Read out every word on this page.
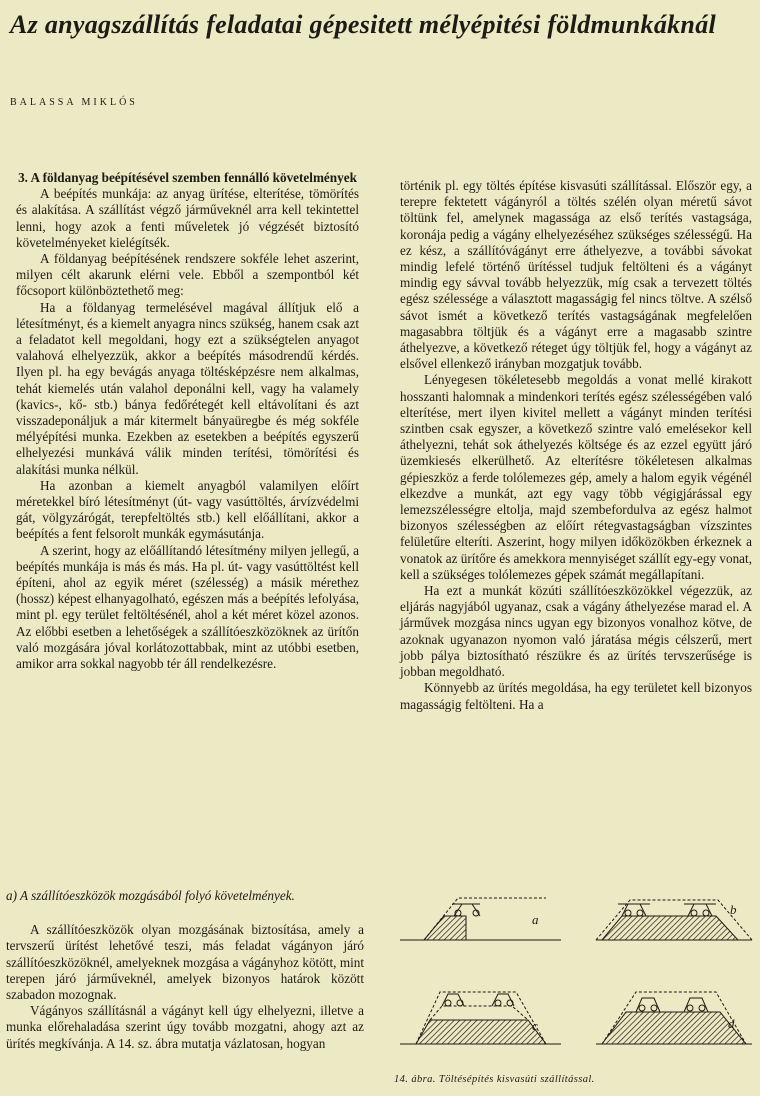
Az anyagszállítás feladatai gépesitett mélyépitési földmunkáknál
BALASSA MIKLÓS

3. A földanyag beépítésével szemben fennálló követelmények

A beépítés munkája: az anyag ürítése, elterítése, tömörítés és alakítása. A szállítást végző járműveknél arra kell tekintettel lenni, hogy azok a fenti műveletek jó végzését biztosító követelményeket kielégítsék.

A földanyag beépítésének rendszere sokféle lehet aszerint, milyen célt akarunk elérni vele. Ebből a szempontból két főcsoport különböztethető meg:

Ha a földanyag termelésével magával állítjuk elő a létesítményt, és a kiemelt anyagra nincs szükség, hanem csak azt a feladatot kell megoldani, hogy ezt a szükségtelen anyagot valahová elhelyezzük, akkor a beépítés másodrendű kérdés. Ilyen pl. ha egy bevágás anyaga töltésképzésre nem alkalmas, tehát kiemelés után valahol deponálni kell, vagy ha valamely (kavics-, kő- stb.) bánya fedőrétegét kell eltávolítani és azt visszadeponáljuk a már kitermelt bányaüregbe és még sokféle mélyépítési munka. Ezekben az esetekben a beépítés egyszerű elhelyezési munkává válik minden terítési, tömörítési és alakítási munka nélkül.

Ha azonban a kiemelt anyagból valamilyen előírt méretekkel bíró létesítményt (út- vagy vasúttöltés, árvízvédelmi gát, völgyzárógát, terepfeltöltés stb.) kell előállítani, akkor a beépítés a fent felsorolt munkák egymásutánja.

A szerint, hogy az előállítandó létesítmény milyen jellegű, a beépítés munkája is más és más. Ha pl. út- vagy vasúttöltést kell építeni, ahol az egyik méret (szélesség) a másik mérethez (hossz) képest elhanyagolható, egészen más a beépítés lefolyása, mint pl. egy terület feltöltésénél, ahol a két méret közel azonos. Az előbbi esetben a lehetőségek a szállítóeszközöknek az ürítőn való mozgására jóval korlátozottabbak, mint az utóbbi esetben, amikor arra sokkal nagyobb tér áll rendelkezésre.

a) A szállítóeszközök mozgásából folyó követelmények.

A szállítóeszközök olyan mozgásának biztosítása, amely a tervszerű ürítést lehetővé teszi, más feladat vágányon járó szállítóeszközöknél, amelyeknek mozgása a vágányhoz kötött, mint terepen járó járműveknél, amelyek bizonyos határok között szabadon mozognak.

Vágányos szállításnál a vágányt kell úgy elhelyezni, illetve a munka előrehaladása szerint úgy tovább mozgatni, ahogy azt az ürítés megkívánja. A 14. sz. ábra mutatja vázlatosan, hogyan

történik pl. egy töltés építése kisvasúti szállítással. Először egy, a terepre fektetett vágányról a töltés szélén olyan méretű sávot töltünk fel, amelynek magassága az első terítés vastagsága, koronája pedig a vágány elhelyezéséhez szükséges szélességű. Ha ez kész, a szállítóvágányt erre áthelyezve, a további sávokat mindig lefelé történő ürítéssel tudjuk feltölteni és a vágányt mindig egy sávval tovább helyezzük, míg csak a tervezett töltés egész szélessége a választott magasságig fel nincs töltve. A szélső sávot ismét a következő terítés vastagságának megfelelően magasabbra töltjük és a vágányt erre a magasabb szintre áthelyezve, a következő réteget úgy töltjük fel, hogy a vágányt az elsővel ellenkező irányban mozgatjuk tovább.

Lényegesen tökéletesebb megoldás a vonat mellé kirakott hosszanti halomnak a mindenkori terítés egész szélességében való elterítése, mert ilyen kivitel mellett a vágányt minden terítési szintben csak egyszer, a következő szintre való emelésekor kell áthelyezni, tehát sok áthelyezés költsége és az ezzel együtt járó üzemkiesés elkerülhető. Az elterítésre tökéletesen alkalmas gépieszköz a ferde tolólemezes gép, amely a halom egyik végénél elkezdve a munkát, azt egy vagy több végigjárással egy lemezszélességre eltolja, majd szembefordulva az egész halmot bizonyos szélességben az előírt rétegvastagságban vízszintes felületűre elteríti. Aszerint, hogy milyen időközökben érkeznek a vonatok az ürítőre és amekkora mennyiséget szállít egy-egy vonat, kell a szükséges tolólemezes gépek számát megállapítani.

Ha ezt a munkát közúti szállítóeszközökkel végezzük, az eljárás nagyjából ugyanaz, csak a vágány áthelyezése marad el. A járművek mozgása nincs ugyan egy bizonyos vonalhoz kötve, de azoknak ugyanazon nyomon való járatása mégis célszerű, mert jobb pálya biztosítható részükre és az ürítés tervszerűsége is jobban megoldható.

Könnyebb az ürítés megoldása, ha egy területet kell bizonyos magasságig feltölteni. Ha a

a
b
c	d
14. ábra. Töltésépítés kisvasúti szállítással.
